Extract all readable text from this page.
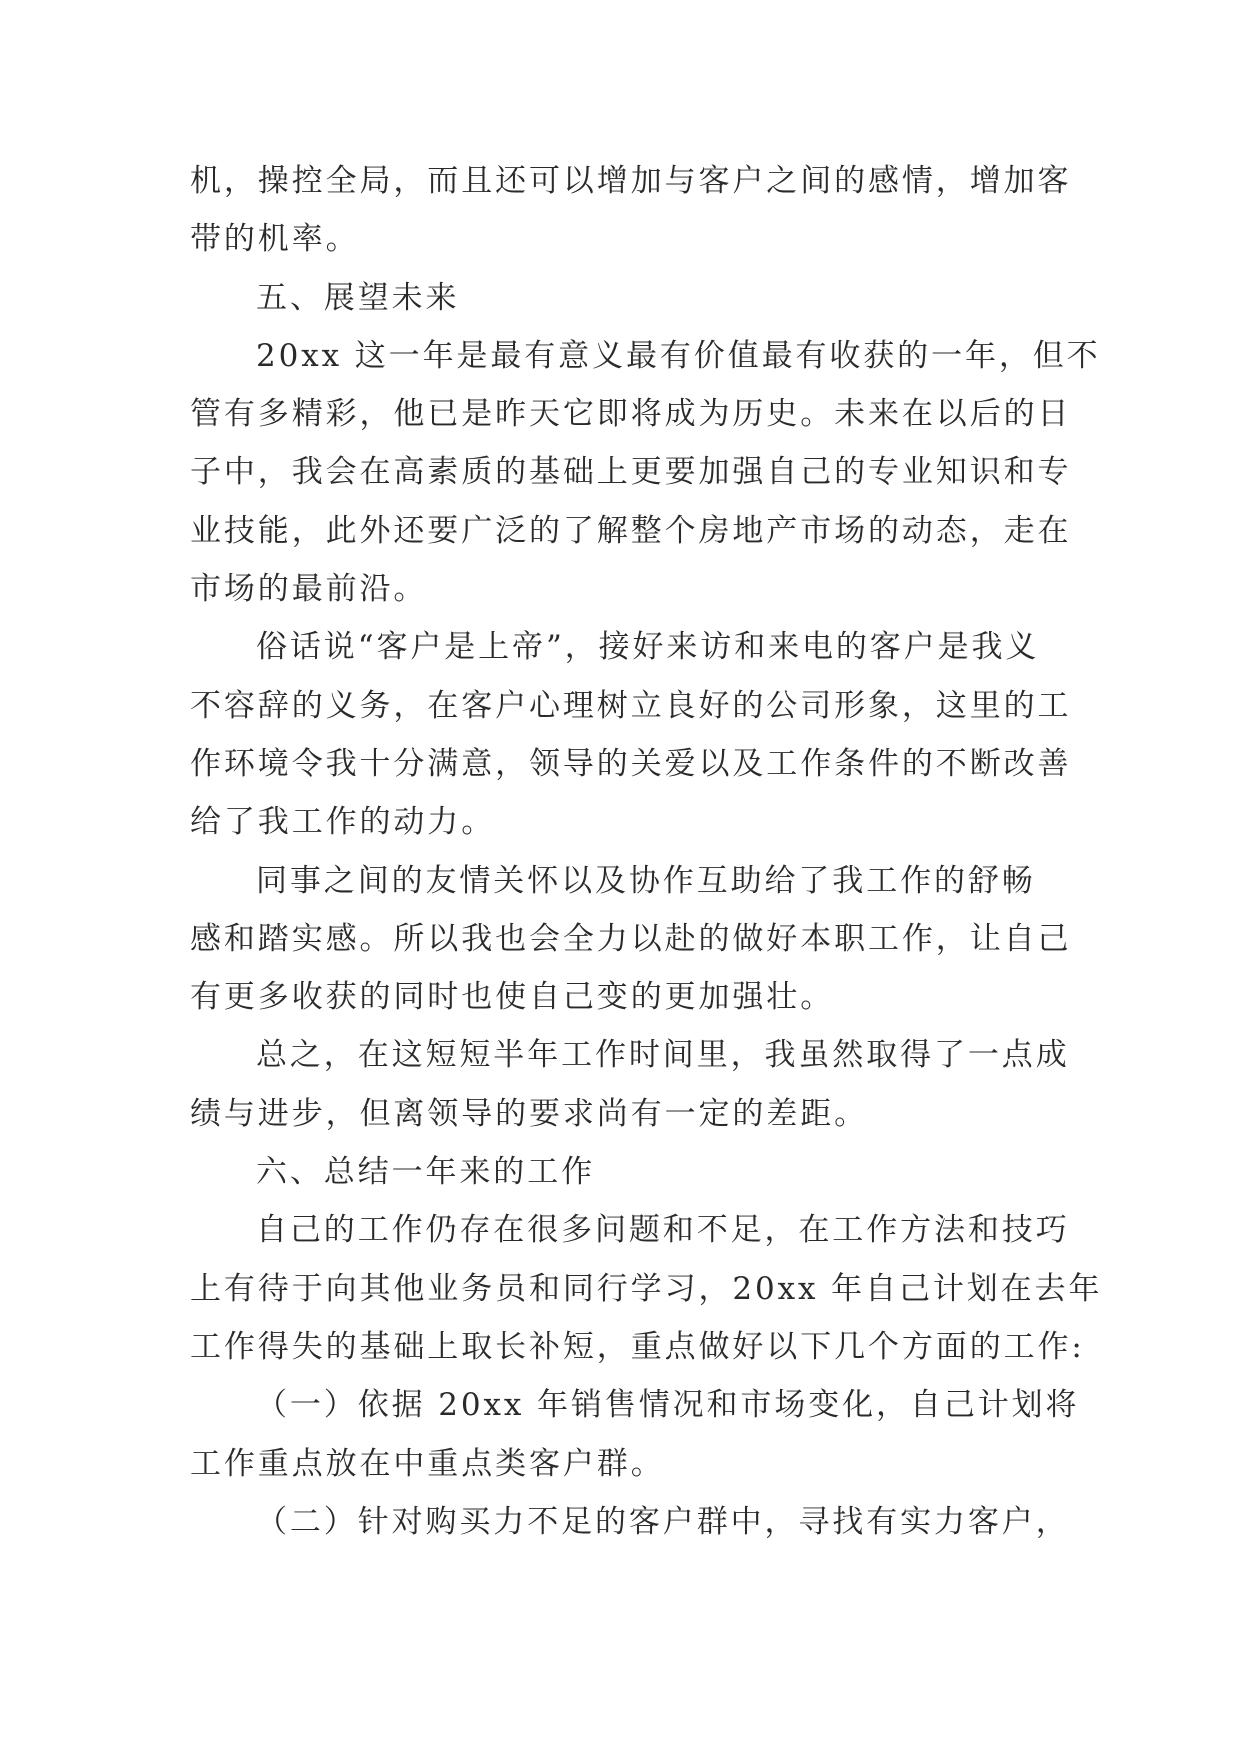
机，操控全局，而且还可以增加与客户之间的感情，增加客
带的机率。

五、展望未来

20xx 这一年是最有意义最有价值最有收获的一年，但不
管有多精彩，他已是昨天它即将成为历史。未来在以后的日
子中，我会在高素质的基础上更要加强自己的专业知识和专
业技能，此外还要广泛的了解整个房地产市场的动态，走在
市场的最前沿。

俗话说“客户是上帝”，接好来访和来电的客户是我义
不容辞的义务，在客户心理树立良好的公司形象，这里的工
作环境令我十分满意，领导的关爱以及工作条件的不断改善
给了我工作的动力。

同事之间的友情关怀以及协作互助给了我工作的舒畅
感和踏实感。所以我也会全力以赴的做好本职工作，让自己
有更多收获的同时也使自己变的更加强壮。

总之，在这短短半年工作时间里，我虽然取得了一点成
绩与进步，但离领导的要求尚有一定的差距。

六、总结一年来的工作

自己的工作仍存在很多问题和不足，在工作方法和技巧
上有待于向其他业务员和同行学习，20xx 年自己计划在去年
工作得失的基础上取长补短，重点做好以下几个方面的工作:

（一）依据 20xx 年销售情况和市场变化，自己计划将
工作重点放在中重点类客户群。

（二）针对购买力不足的客户群中，寻找有实力客户，
